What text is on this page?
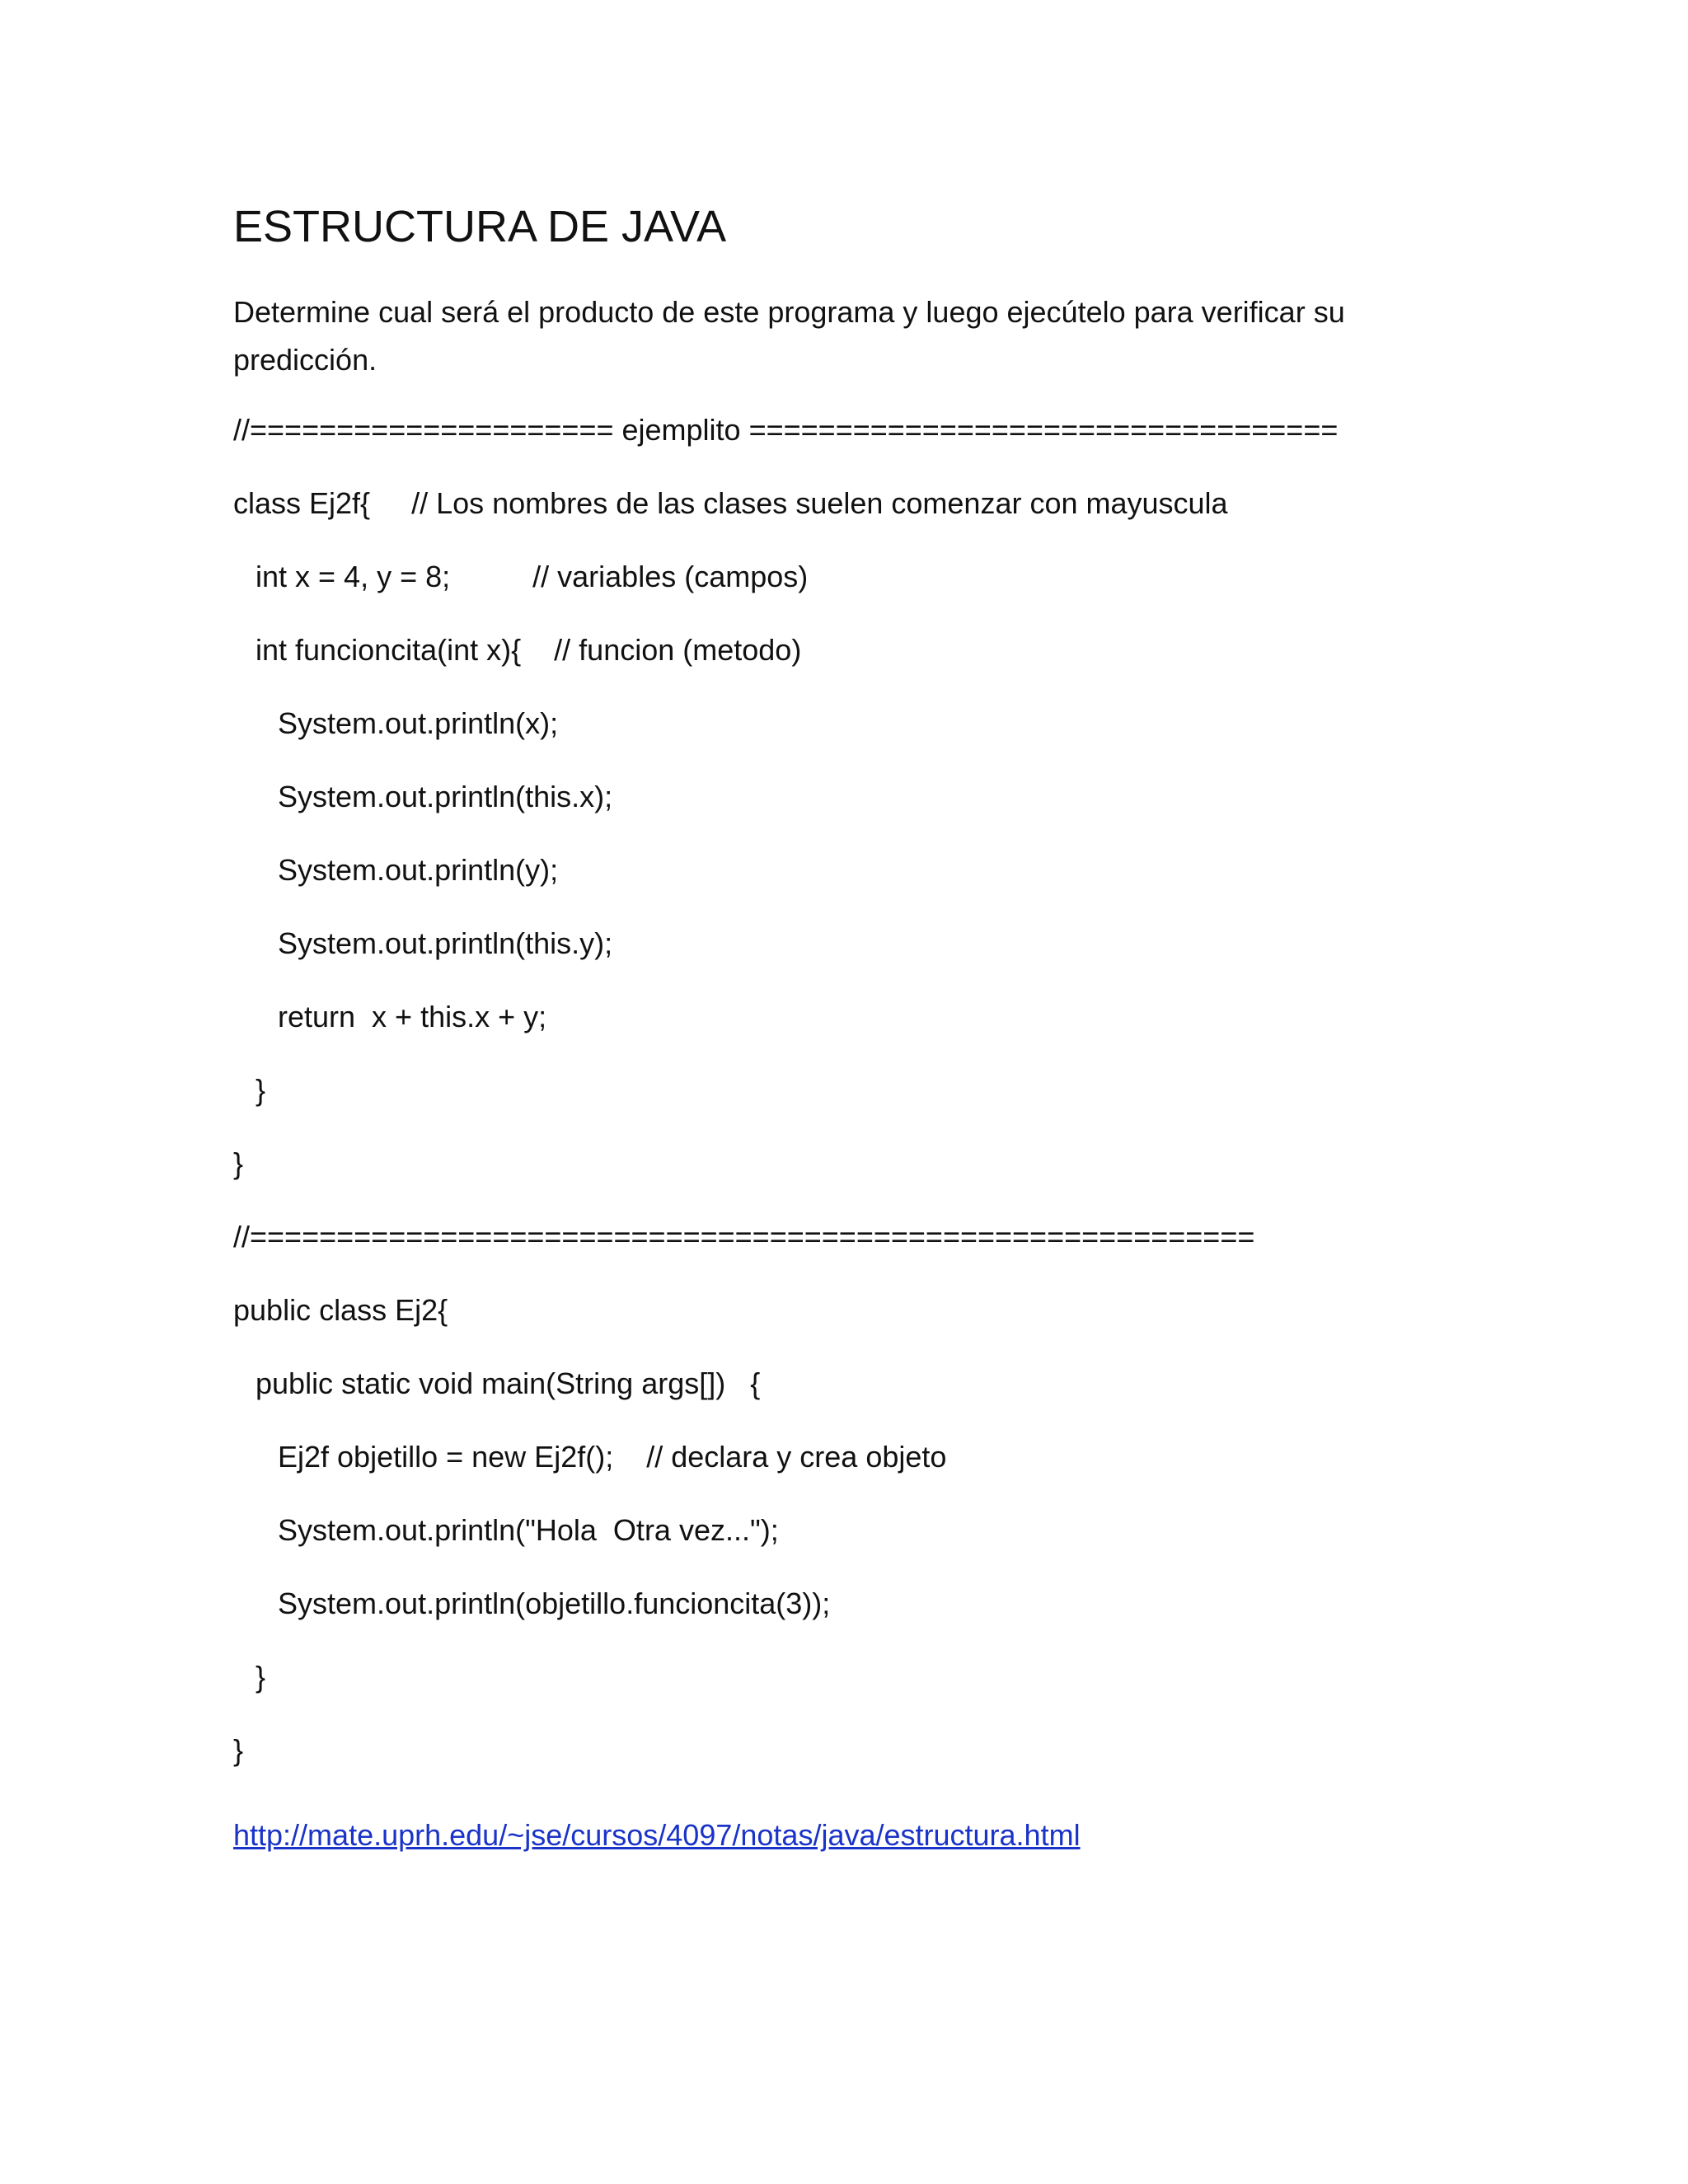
ESTRUCTURA DE JAVA
Determine cual será el producto de este programa y luego ejecútelo para verificar su
predicción.
//===================== ejemplito ==================================
class Ej2f{     // Los nombres de las clases suelen comenzar con mayuscula
int x = 4, y = 8;          // variables (campos)
int funcioncita(int x){    // funcion (metodo)
System.out.println(x);
System.out.println(this.x);
System.out.println(y);
System.out.println(this.y);
return  x + this.x + y;
}
}
//==========================================================
public class Ej2{
public static void main(String args[])   {
Ej2f objetillo = new Ej2f();    // declara y crea objeto
System.out.println("Hola  Otra vez...");
System.out.println(objetillo.funcioncita(3));
}
}
http://mate.uprh.edu/~jse/cursos/4097/notas/java/estructura.html
